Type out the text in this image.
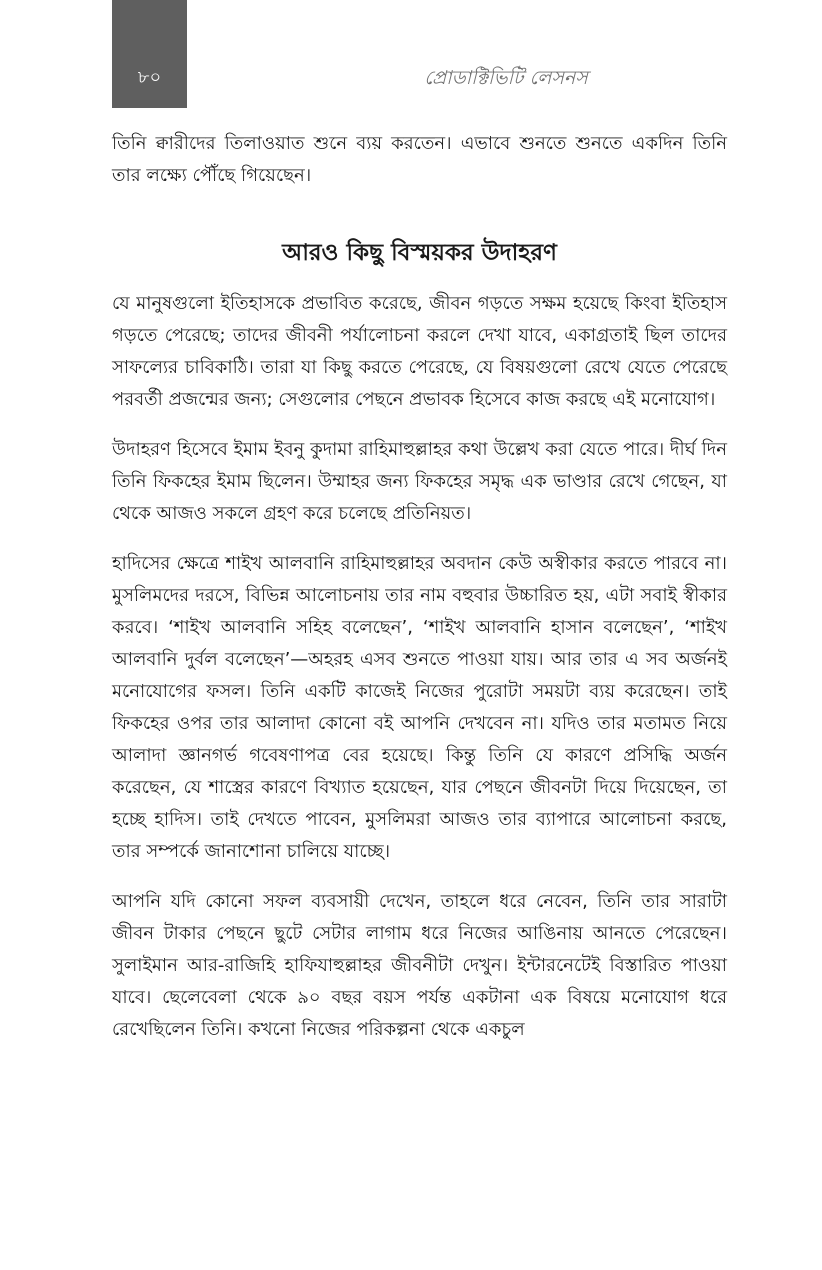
৮০	প্রোডাক্টিভিটি লেসনস

তিনি ক্বারীদের তিলাওয়াত শুনে ব্যয় করতেন। এভাবে শুনতে শুনতে একদিন তিনি তার লক্ষ্যে পৌঁছে গিয়েছেন।

আরও কিছু বিস্ময়কর উদাহরণ

যে মানুষগুলো ইতিহাসকে প্রভাবিত করেছে, জীবন গড়তে সক্ষম হয়েছে কিংবা ইতিহাস গড়তে পেরেছে; তাদের জীবনী পর্যালোচনা করলে দেখা যাবে, একাগ্রতাই ছিল তাদের সাফল্যের চাবিকাঠি। তারা যা কিছু করতে পেরেছে, যে বিষয়গুলো রেখে যেতে পেরেছে পরবর্তী প্রজন্মের জন্য; সেগুলোর পেছনে প্রভাবক হিসেবে কাজ করছে এই মনোযোগ।

উদাহরণ হিসেবে ইমাম ইবনু কুদামা রাহিমাহুল্লাহর কথা উল্লেখ করা যেতে পারে। দীর্ঘ দিন তিনি ফিকহের ইমাম ছিলেন। উম্মাহর জন্য ফিকহের সমৃদ্ধ এক ভাণ্ডার রেখে গেছেন, যা থেকে আজও সকলে গ্রহণ করে চলেছে প্রতিনিয়ত।

হাদিসের ক্ষেত্রে শাইখ আলবানি রাহিমাহুল্লাহর অবদান কেউ অস্বীকার করতে পারবে না। মুসলিমদের দরসে, বিভিন্ন আলোচনায় তার নাম বহুবার উচ্চারিত হয়, এটা সবাই স্বীকার করবে। ‘শাইখ আলবানি সহিহ বলেছেন’, ‘শাইখ আলবানি হাসান বলেছেন’, ‘শাইখ আলবানি দুর্বল বলেছেন’—অহরহ এসব শুনতে পাওয়া যায়। আর তার এ সব অর্জনই মনোযোগের ফসল। তিনি একটি কাজেই নিজের পুরোটা সময়টা ব্যয় করেছেন। তাই ফিকহের ওপর তার আলাদা কোনো বই আপনি দেখবেন না। যদিও তার মতামত নিয়ে আলাদা জ্ঞানগর্ভ গবেষণাপত্র বের হয়েছে। কিন্তু তিনি যে কারণে প্রসিদ্ধি অর্জন করেছেন, যে শাস্ত্রের কারণে বিখ্যাত হয়েছেন, যার পেছনে জীবনটা দিয়ে দিয়েছেন, তা হচ্ছে হাদিস। তাই দেখতে পাবেন, মুসলিমরা আজও তার ব্যাপারে আলোচনা করছে, তার সম্পর্কে জানাশোনা চালিয়ে যাচ্ছে।

আপনি যদি কোনো সফল ব্যবসায়ী দেখেন, তাহলে ধরে নেবেন, তিনি তার সারাটা জীবন টাকার পেছনে ছুটে সেটার লাগাম ধরে নিজের আঙিনায় আনতে পেরেছেন। সুলাইমান আর-রাজিহি হাফিযাহুল্লাহর জীবনীটা দেখুন। ইন্টারনেটেই বিস্তারিত পাওয়া যাবে। ছেলেবেলা থেকে ৯০ বছর বয়স পর্যন্ত একটানা এক বিষয়ে মনোযোগ ধরে রেখেছিলেন তিনি। কখনো নিজের পরিকল্পনা থেকে একচুল
